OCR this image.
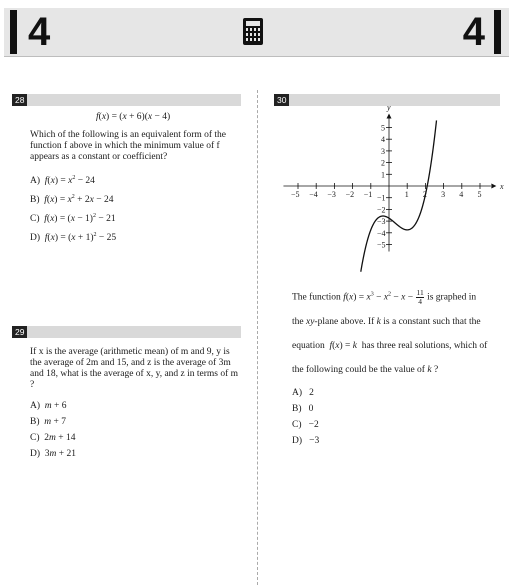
4	4
28
f(x) = (x + 6)(x − 4)
Which of the following is an equivalent form of the function f above in which the minimum value of f appears as a constant or coefficient?
A) $f(x) = x^2 - 24$
B) $f(x) = x^2 + 2x - 24$
C) $f(x) = (x - 1)^2 - 21$
D) $f(x) = (x + 1)^2 - 25$
29
If x is the average (arithmetic mean) of m and 9, y is the average of 2m and 15, and z is the average of 3m and 18, what is the average of x, y, and z in terms of m ?
A) m + 6
B) m + 7
C)  2m + 14
D)  3m + 21
30
x
y
−5 −4 −3 −2 −1	1 2 3 4 5
5
4
3
2
1
−1
−2
−3
−4
−5
The function $f(x) = x^3 - x^2 - x - \frac{11}{4}$ is graphed in
the xy-plane above. If k is a constant such that the
equation  f(x) = k  has three real solutions, which of
the following could be the value of k ?
A) 2
B) 0
C) −2
D) −3
